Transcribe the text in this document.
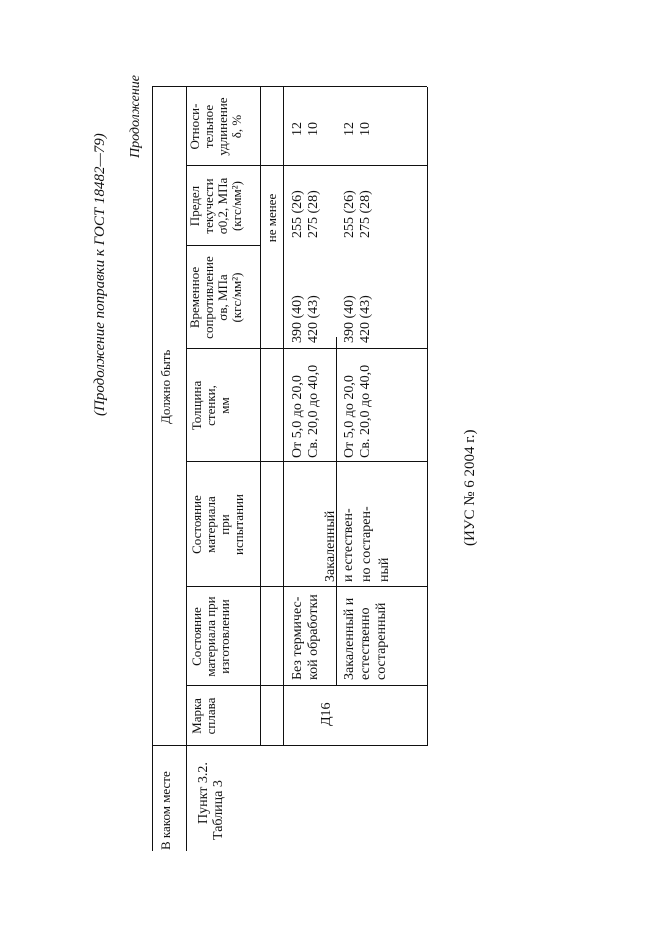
(Продолжение поправки к ГОСТ 18482—79)
Продолжение
В каком месте
Должно быть
Пункт 3.2. Таблица 3
Марка сплава
Состояние материала при изготовлении
Состояние материала при испытании
Толщина стенки, мм
Временное сопротивление σв, МПа (кгс/мм²)
Предел текучести σ0,2, МПа (кгс/мм²)
Относи- тельное удлинение δ, %
не менее
Д16
Без термичес- кой обработки Закаленный и естественно состаренный
Закаленный и естествен- но состарен- ный
От 5,0 до 20,0 Св. 20,0 до 40,0 От 5,0 до 20,0 Св. 20,0 до 40,0
390 (40) 420 (43) 390 (40) 420 (43)
255 (26) 275 (28) 255 (26) 275 (28)
12 10 12 10
(ИУС № 6 2004 г.)
